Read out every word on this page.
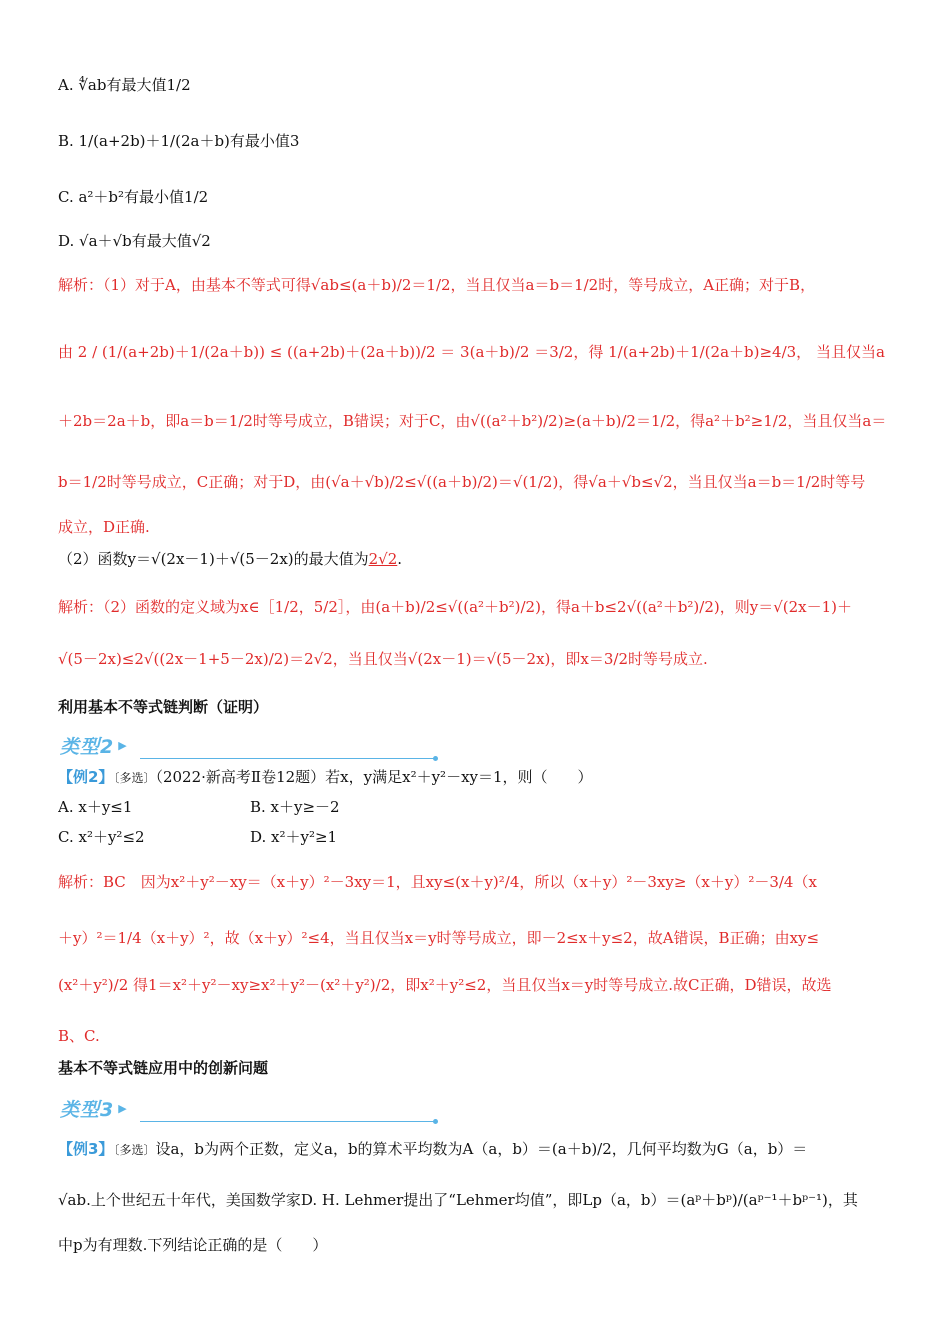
A. ∜ab有最大值1/2
B. 1/(a+2b)＋1/(2a＋b)有最小值3
C. a²＋b²有最小值1/2
D. √a＋√b有最大值√2
解析：（1）对于A，由基本不等式可得√ab≤(a＋b)/2＝1/2，当且仅当a＝b＝1/2时，等号成立，A正确；对于B，
由 2 / (1/(a+2b)＋1/(2a＋b)) ≤ ((a+2b)＋(2a＋b))/2 ＝ 3(a＋b)/2 ＝3/2，得 1/(a+2b)＋1/(2a＋b)≥4/3， 当且仅当a
＋2b＝2a＋b，即a＝b＝1/2时等号成立，B错误；对于C，由√((a²＋b²)/2)≥(a＋b)/2＝1/2，得a²＋b²≥1/2，当且仅当a＝
b＝1/2时等号成立，C正确；对于D，由(√a＋√b)/2≤√((a＋b)/2)＝√(1/2)，得√a＋√b≤√2，当且仅当a＝b＝1/2时等号
成立，D正确.
（2）函数y＝√(2x－1)＋√(5－2x)的最大值为2√2.
解析：（2）函数的定义域为x∈［1/2，5/2］，由(a＋b)/2≤√((a²＋b²)/2)，得a＋b≤2√((a²＋b²)/2)，则y＝√(2x－1)＋
√(5－2x)≤2√((2x－1+5－2x)/2)＝2√2，当且仅当√(2x－1)＝√(5－2x)，即x＝3/2时等号成立.
利用基本不等式链判断（证明）
类型2 ▶
【例2】〔多选〕（2022·新高考Ⅱ卷12题）若x，y满足x²＋y²－xy＝1，则（　　）
A. x＋y≤1	B. x＋y≥－2
C. x²＋y²≤2	D. x²＋y²≥1
解析：BC　因为x²＋y²－xy＝（x＋y）²－3xy＝1，且xy≤(x＋y)²/4，所以（x＋y）²－3xy≥（x＋y）²－3/4（x
＋y）²＝1/4（x＋y）²，故（x＋y）²≤4，当且仅当x＝y时等号成立，即－2≤x＋y≤2，故A错误，B正确；由xy≤
(x²＋y²)/2 得1＝x²＋y²－xy≥x²＋y²－(x²＋y²)/2，即x²＋y²≤2，当且仅当x＝y时等号成立.故C正确，D错误，故选
B、C.
基本不等式链应用中的创新问题
类型3 ▶
【例3】〔多选〕设a，b为两个正数，定义a，b的算术平均数为A（a，b）＝(a＋b)/2，几何平均数为G（a，b）＝
√ab.上个世纪五十年代，美国数学家D. H. Lehmer提出了“Lehmer均值”，即Lp（a，b）＝(aᵖ＋bᵖ)/(aᵖ⁻¹＋bᵖ⁻¹)，其
中p为有理数.下列结论正确的是（　　）
